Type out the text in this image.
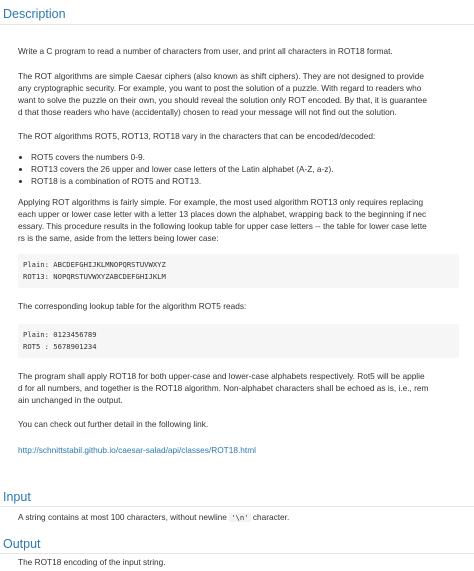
Description

Write a C program to read a number of characters from user, and print all characters in ROT18 format.

The ROT algorithms are simple Caesar ciphers (also known as shift ciphers). They are not designed to provide
any cryptographic security. For example, you want to post the solution of a puzzle. With regard to readers who
want to solve the puzzle on their own, you should reveal the solution only ROT encoded. By that, it is guarantee
d that those readers who have (accidentally) chosen to read your message will not find out the solution.

The ROT algorithms ROT5, ROT13, ROT18 vary in the characters that can be encoded/decoded:

• ROT5 covers the numbers 0-9.
• ROT13 covers the 26 upper and lower case letters of the Latin alphabet (A-Z, a-z).
• ROT18 is a combination of ROT5 and ROT13.

Applying ROT algorithms is fairly simple. For example, the most used algorithm ROT13 only requires replacing
each upper or lower case letter with a letter 13 places down the alphabet, wrapping back to the beginning if nec
essary. This procedure results in the following lookup table for upper case letters -- the table for lower case lette
rs is the same, aside from the letters being lower case:

Plain: ABCDEFGHIJKLMNOPQRSTUVWXYZ
ROT13: NOPQRSTUVWXYZABCDEFGHIJKLM

The corresponding lookup table for the algorithm ROT5 reads:

Plain: 0123456789
ROT5 : 5678901234

The program shall apply ROT18 for both upper-case and lower-case alphabets respectively. Rot5 will be applie
d for all numbers, and together is the ROT18 algorithm. Non-alphabet characters shall be echoed as is, i.e., rem
ain unchanged in the output.

You can check out further detail in the following link.

http://schnittstabil.github.io/caesar-salad/api/classes/ROT18.html

Input

A string contains at most 100 characters, without newline '\n' character.

Output

The ROT18 encoding of the input string.
